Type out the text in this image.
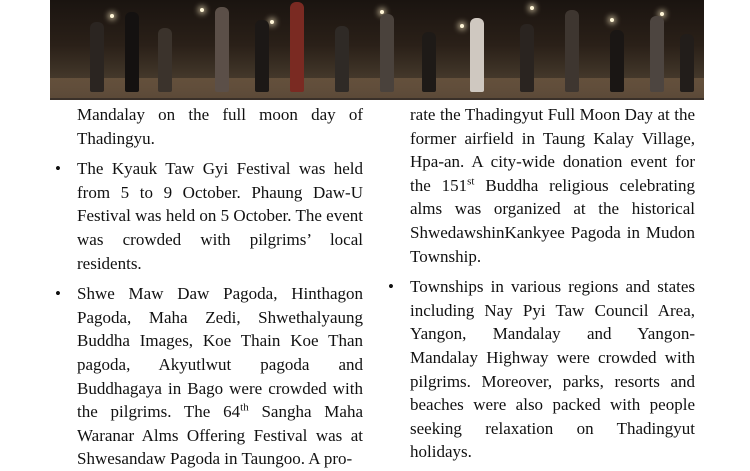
Mandalay on the full moon day of Thadingyu.

• The Kyauk Taw Gyi Festival was held from 5 to 9 October. Phaung Daw-U Festival was held on 5 October. The event was crowded with pilgrims’ local residents.
• Shwe Maw Daw Pagoda, Hinthagon Pagoda, Maha Zedi, Shwethalyaung Buddha Images, Koe Thain Koe Than pagoda, Akyutlwut pagoda and Buddhagaya in Bago were crowded with the pilgrims. The 64th Sangha Maha Waranar Alms Offering Festival was at Shwesandaw Pagoda in Taungoo. A pro-

rate the Thadingyut Full Moon Day at the former airfield in Taung Kalay Village, Hpa-an. A city-wide donation event for the 151st Buddha religious celebrating alms was organized at the historical ShwedawshinKankyee Pagoda in Mudon Township.

• Townships in various regions and states including Nay Pyi Taw Council Area, Yangon, Mandalay and Yangon-Mandalay Highway were crowded with pilgrims. Moreover, parks, resorts and beaches were also packed with people seeking relaxation on Thadingyut holidays.
